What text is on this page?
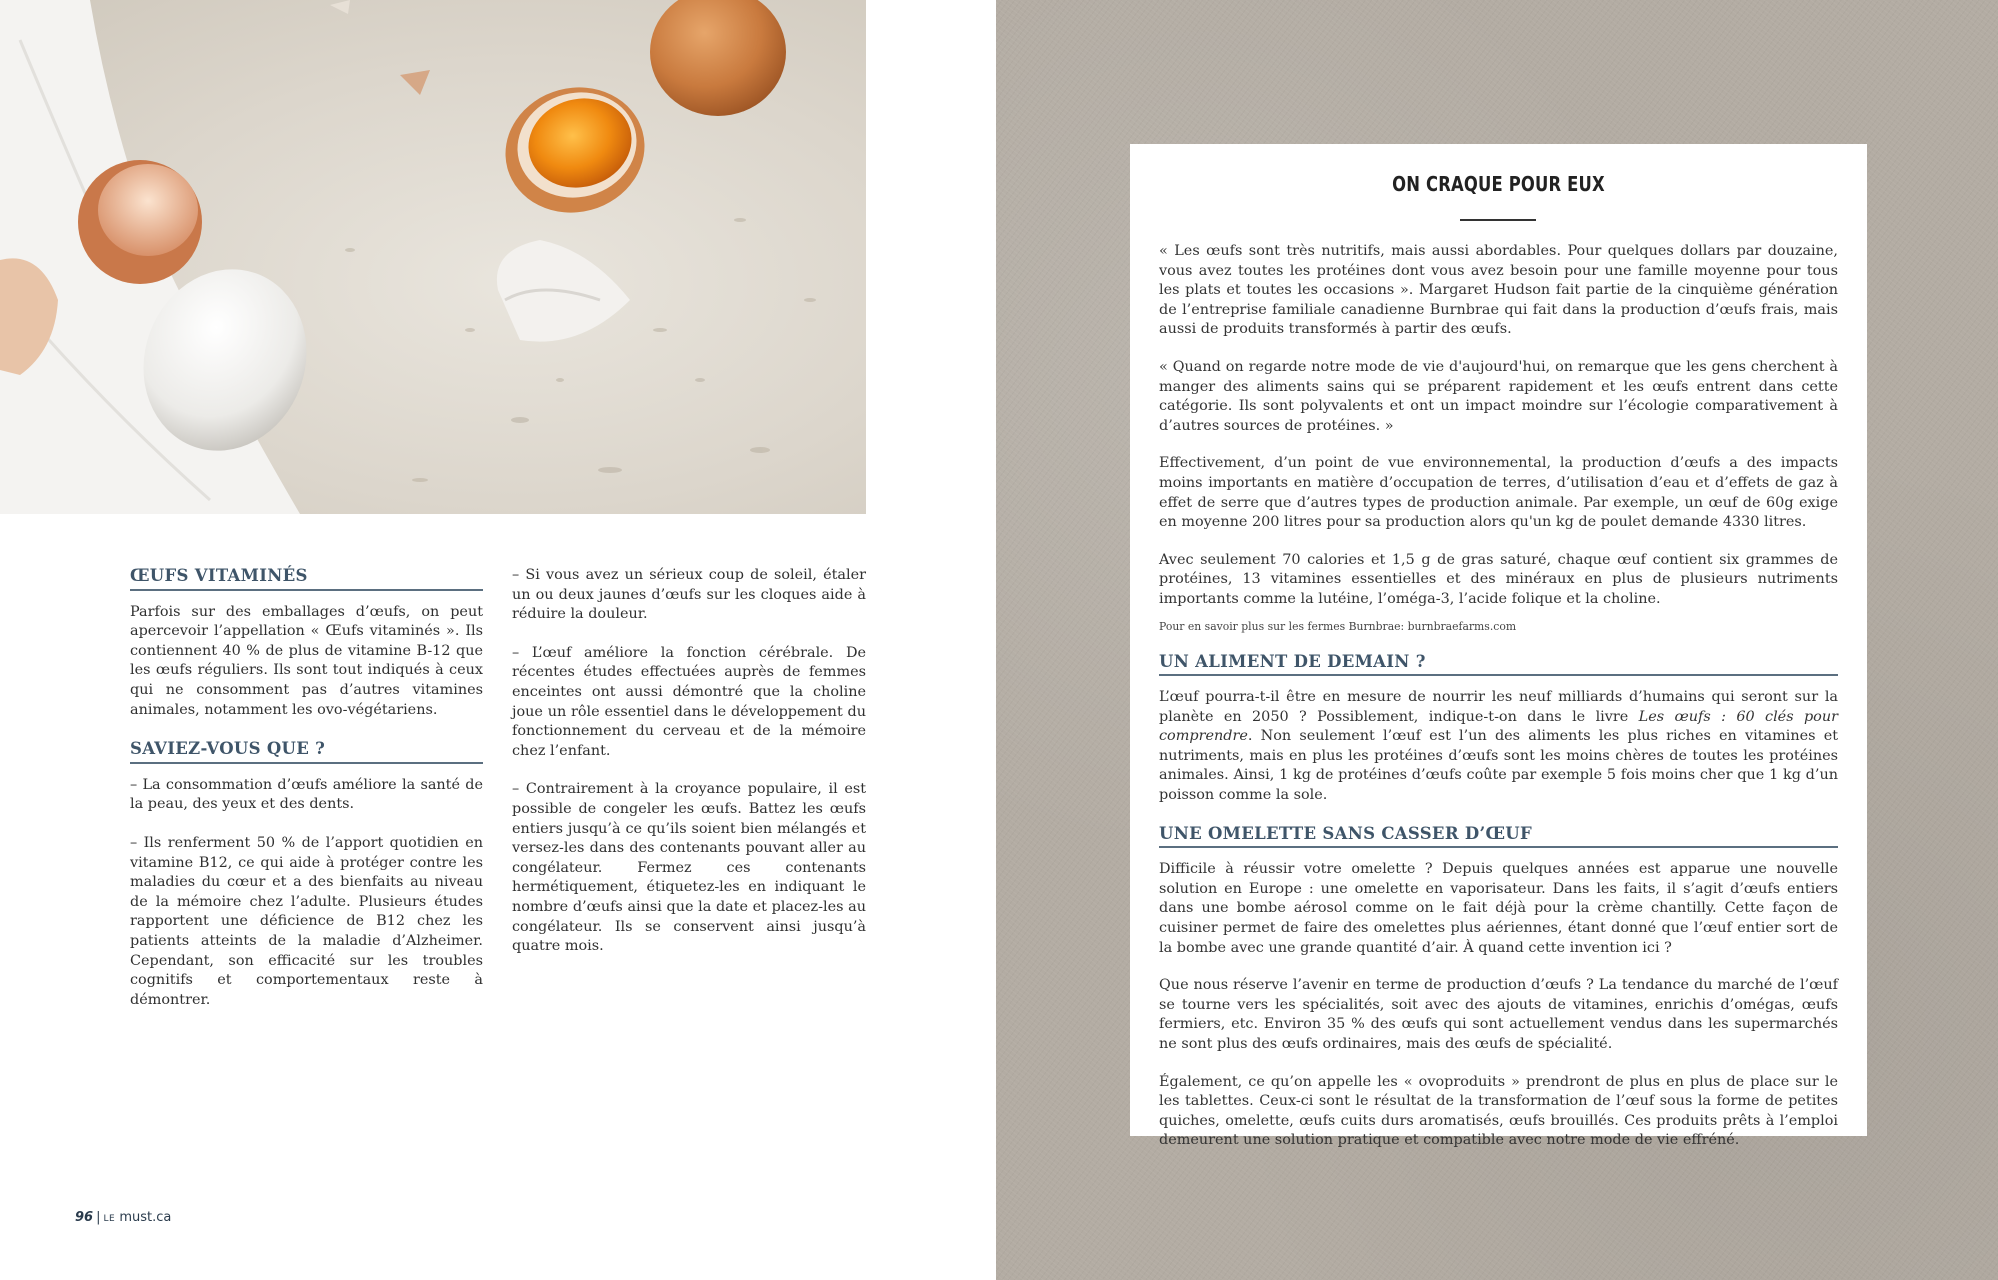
ŒUFS VITAMINÉS

Parfois sur des emballages d’œufs, on peut apercevoir l’appellation « Œufs vitaminés ». Ils contiennent 40 % de plus de vitamine B-12 que les œufs réguliers. Ils sont tout indiqués à ceux qui ne consomment pas d’autres vitamines animales, notamment les ovo-végétariens.

SAVIEZ-VOUS QUE ?

– La consommation d’œufs améliore la santé de la peau, des yeux et des dents.

– Ils renferment 50 % de l’apport quotidien en vitamine B12, ce qui aide à protéger contre les maladies du cœur et a des bienfaits au niveau de la mémoire chez l’adulte. Plusieurs études rapportent une déficience de B12 chez les patients atteints de la maladie d’Alzheimer. Cependant, son efficacité sur les troubles cognitifs et comportementaux reste à démontrer.

– Si vous avez un sérieux coup de soleil, étaler un ou deux jaunes d’œufs sur les cloques aide à réduire la douleur.

– L’œuf améliore la fonction cérébrale. De récentes études effectuées auprès de femmes enceintes ont aussi démontré que la choline joue un rôle essentiel dans le développement du fonctionnement du cerveau et de la mémoire chez l’enfant.

– Contrairement à la croyance populaire, il est possible de congeler les œufs. Battez les œufs entiers jusqu’à ce qu’ils soient bien mélangés et versez-les dans des contenants pouvant aller au congélateur. Fermez ces contenants hermétiquement, étiquetez-les en indiquant le nombre d’œufs ainsi que la date et placez-les au congélateur. Ils se conservent ainsi jusqu’à quatre mois.

96 | LE must.ca
ON CRAQUE POUR EUX

« Les œufs sont très nutritifs, mais aussi abordables. Pour quelques dollars par douzaine, vous avez toutes les protéines dont vous avez besoin pour une famille moyenne pour tous les plats et toutes les occasions ». Margaret Hudson fait partie de la cinquième génération de l’entreprise familiale canadienne Burnbrae qui fait dans la production d’œufs frais, mais aussi de produits transformés à partir des œufs.

« Quand on regarde notre mode de vie d'aujourd'hui, on remarque que les gens cherchent à manger des aliments sains qui se préparent rapidement et les œufs entrent dans cette catégorie. Ils sont polyvalents et ont un impact moindre sur l’écologie comparativement à d’autres sources de protéines. »

Effectivement, d’un point de vue environnemental, la production d’œufs a des impacts moins importants en matière d’occupation de terres, d’utilisation d’eau et d’effets de gaz à effet de serre que d’autres types de production animale. Par exemple, un œuf de 60g exige en moyenne 200 litres pour sa production alors qu'un kg de poulet demande 4330 litres.

Avec seulement 70 calories et 1,5 g de gras saturé, chaque œuf contient six grammes de protéines, 13 vitamines essentielles et des minéraux en plus de plusieurs nutriments importants comme la lutéine, l’oméga-3, l’acide folique et la choline.

Pour en savoir plus sur les fermes Burnbrae: burnbraefarms.com

UN ALIMENT DE DEMAIN ?

L’œuf pourra-t-il être en mesure de nourrir les neuf milliards d’humains qui seront sur la planète en 2050 ? Possiblement, indique-t-on dans le livre Les œufs : 60 clés pour comprendre. Non seulement l’œuf est l’un des aliments les plus riches en vitamines et nutriments, mais en plus les protéines d’œufs sont les moins chères de toutes les protéines animales. Ainsi, 1 kg de protéines d’œufs coûte par exemple 5 fois moins cher que 1 kg d’un poisson comme la sole.

UNE OMELETTE SANS CASSER D’ŒUF

Difficile à réussir votre omelette ? Depuis quelques années est apparue une nouvelle solution en Europe : une omelette en vaporisateur. Dans les faits, il s’agit d’œufs entiers dans une bombe aérosol comme on le fait déjà pour la crème chantilly. Cette façon de cuisiner permet de faire des omelettes plus aériennes, étant donné que l’œuf entier sort de la bombe avec une grande quantité d’air. À quand cette invention ici ?

Que nous réserve l’avenir en terme de production d’œufs ? La tendance du marché de l’œuf se tourne vers les spécialités, soit avec des ajouts de vitamines, enrichis d’omégas, œufs fermiers, etc. Environ 35 % des œufs qui sont actuellement vendus dans les supermarchés ne sont plus des œufs ordinaires, mais des œufs de spécialité.

Également, ce qu’on appelle les « ovoproduits » prendront de plus en plus de place sur le les tablettes. Ceux-ci sont le résultat de la transformation de l’œuf sous la forme de petites quiches, omelette, œufs cuits durs aromatisés, œufs brouillés. Ces produits prêts à l’emploi demeurent une solution pratique et compatible avec notre mode de vie effréné.
